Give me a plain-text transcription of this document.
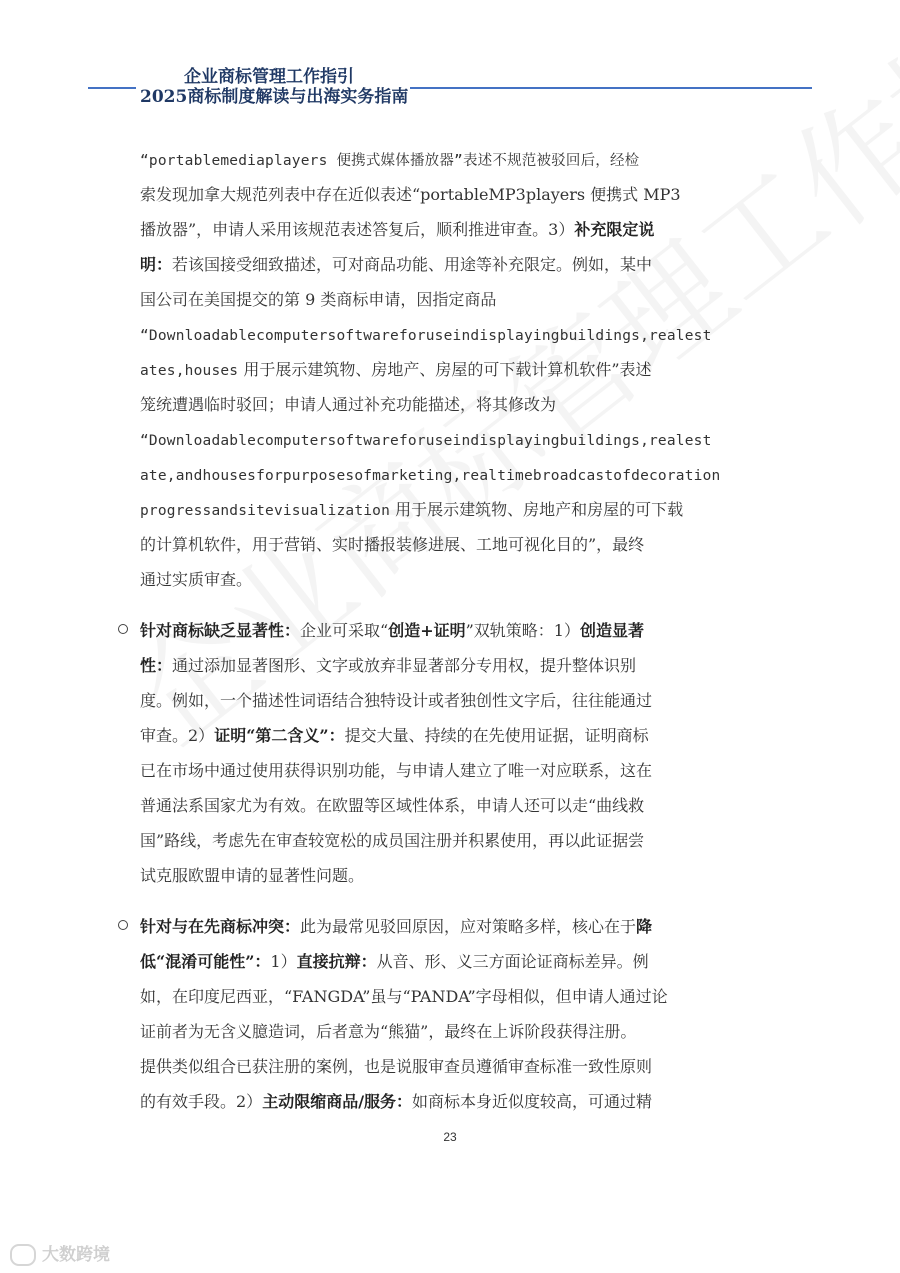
企业商标管理工作指引
2025商标制度解读与出海实务指南
“portablemediaplayers 便携式媒体播放器”表述不规范被驳回后，经检
索发现加拿大规范列表中存在近似表述“portableMP3players 便携式 MP3
播放器”，申请人采用该规范表述答复后，顺利推进审查。3）补充限定说
明：若该国接受细致描述，可对商品功能、用途等补充限定。例如，某中
国公司在美国提交的第 9 类商标申请，因指定商品
“Downloadablecomputersoftwareforuseindisplayingbuildings,realest
ates,houses 用于展示建筑物、房地产、房屋的可下载计算机软件”表述
笼统遭遇临时驳回；申请人通过补充功能描述，将其修改为
“Downloadablecomputersoftwareforuseindisplayingbuildings,realest
ate,andhousesforpurposesofmarketing,realtimebroadcastofdecoration
progressandsitevisualization 用于展示建筑物、房地产和房屋的可下载
的计算机软件，用于营销、实时播报装修进展、工地可视化目的”，最终
通过实质审查。
针对商标缺乏显著性：企业可采取“创造+证明”双轨策略：1）创造显著
性：通过添加显著图形、文字或放弃非显著部分专用权，提升整体识别
度。例如，一个描述性词语结合独特设计或者独创性文字后，往往能通过
审查。2）证明“第二含义”：提交大量、持续的在先使用证据，证明商标
已在市场中通过使用获得识别功能，与申请人建立了唯一对应联系，这在
普通法系国家尤为有效。在欧盟等区域性体系，申请人还可以走“曲线救
国”路线，考虑先在审查较宽松的成员国注册并积累使用，再以此证据尝
试克服欧盟申请的显著性问题。
针对与在先商标冲突：此为最常见驳回原因，应对策略多样，核心在于降
低“混淆可能性”：1）直接抗辩：从音、形、义三方面论证商标差异。例
如，在印度尼西亚，“FANGDA”虽与“PANDA”字母相似，但申请人通过论
证前者为无含义臆造词，后者意为“熊猫”，最终在上诉阶段获得注册。
提供类似组合已获注册的案例，也是说服审查员遵循审查标准一致性原则
的有效手段。2）主动限缩商品/服务：如商标本身近似度较高，可通过精
23
大数跨境
